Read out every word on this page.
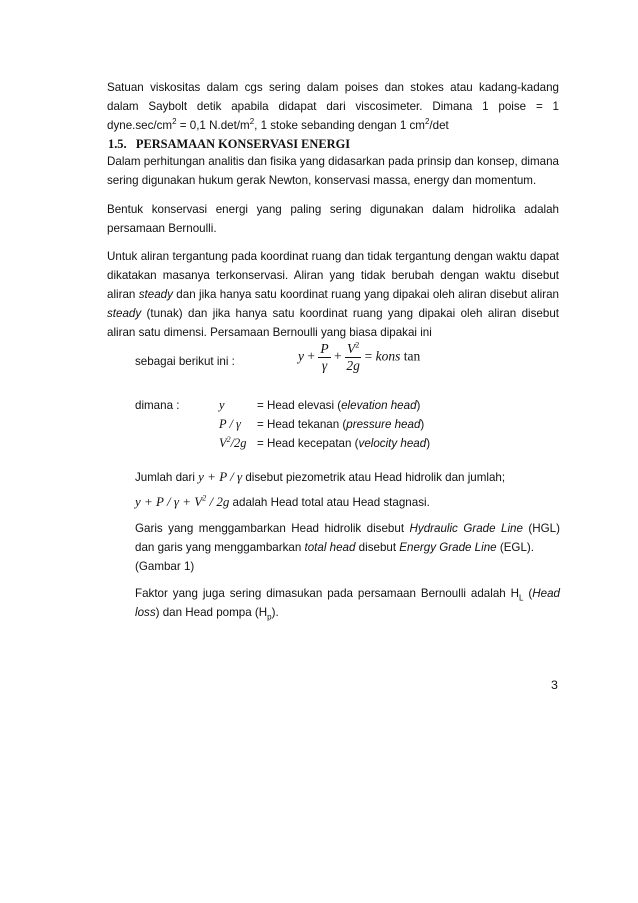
Satuan viskositas dalam cgs sering dalam poises dan stokes atau kadang-kadang dalam Saybolt detik apabila didapat dari viscosimeter. Dimana 1 poise = 1 $dyne.\sec/cm^2 = 0,1$ $N.\det/m^2$, 1 stoke sebanding dengan 1 $cm^2/\det$

1.5. PERSAMAAN KONSERVASI ENERGI

Dalam perhitungan analitis dan fisika yang didasarkan pada prinsip dan konsep, dimana sering digunakan hukum gerak Newton, konservasi massa, energy dan momentum.

Bentuk konservasi energi yang paling sering digunakan dalam hidrolika adalah persamaan Bernoulli.

Untuk aliran tergantung pada koordinat ruang dan tidak tergantung dengan waktu dapat dikatakan masanya terkonservasi. Aliran yang tidak berubah dengan waktu disebut aliran steady dan jika hanya satu koordinat ruang yang dipakai oleh aliran disebut aliran steady (tunak) dan jika hanya satu koordinat ruang yang dipakai oleh aliran disebut aliran satu dimensi. Persamaan Bernoulli yang biasa dipakai ini

sebagai berikut ini :	$y + \frac{P}{\gamma} + \frac{V^2}{2g}$ = kons tan
dimana :	y	= Head elevasi (elevation head)
P / γ = Head tekanan (pressure head)
$V^2/2g$ = Head kecepatan (velocity head)

Jumlah dari y + P / γ disebut piezometrik atau Head hidrolik dan jumlah;
$y + P / \gamma + V^2 / 2g$ adalah Head total atau Head stagnasi.

Garis yang menggambarkan Head hidrolik disebut Hydraulic Grade Line (HGL) dan garis yang menggambarkan total head disebut Energy Grade Line (EGL).
(Gambar 1)

Faktor yang juga sering dimasukan pada persamaan Bernoulli adalah $H_L$ (Head loss) dan Head pompa $(H_p)$.

3
